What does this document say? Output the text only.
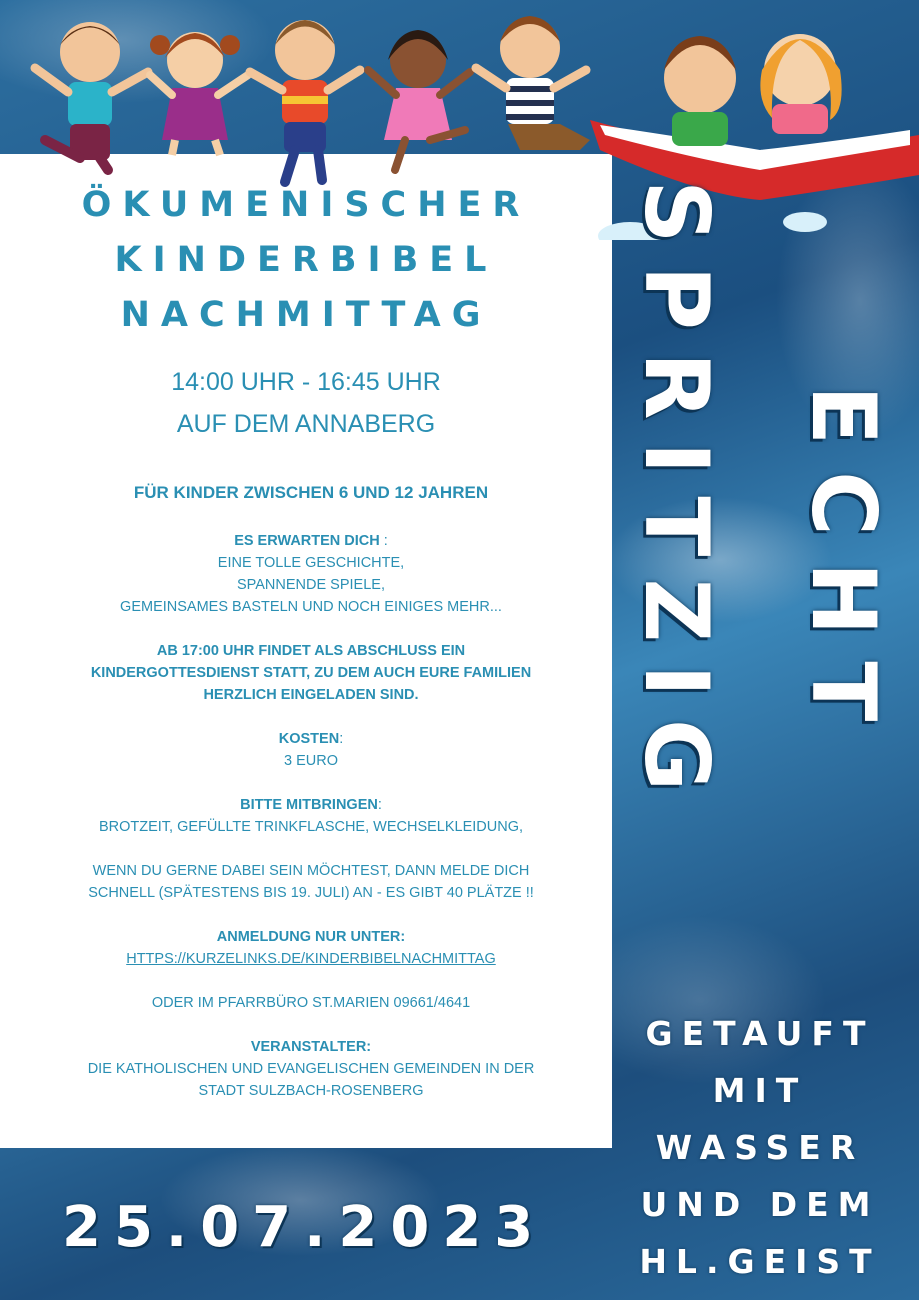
ÖKUMENISCHER
KINDERBIBEL
NACHMITTAG
14:00 UHR - 16:45 UHR
AUF DEM ANNABERG

FÜR KINDER ZWISCHEN 6 UND 12 JAHREN

ES ERWARTEN DICH :
EINE TOLLE GESCHICHTE,
SPANNENDE SPIELE,
GEMEINSAMES BASTELN UND NOCH EINIGES MEHR...

AB 17:00 UHR FINDET ALS ABSCHLUSS EIN
KINDERGOTTESDIENST STATT, ZU DEM AUCH EURE FAMILIEN
HERZLICH EINGELADEN SIND.

KOSTEN:
3 EURO

BITTE MITBRINGEN:
BROTZEIT, GEFÜLLTE TRINKFLASCHE, WECHSELKLEIDUNG,

WENN DU GERNE DABEI SEIN MÖCHTEST, DANN MELDE DICH
SCHNELL (SPÄTESTENS BIS 19. JULI) AN - ES GIBT 40 PLÄTZE !!

ANMELDUNG NUR UNTER:
HTTPS://KURZELINKS.DE/KINDERBIBELNACHMITTAG

ODER IM PFARRBÜRO ST.MARIEN 09661/4641

VERANSTALTER:
DIE KATHOLISCHEN UND EVANGELISCHEN GEMEINDEN IN DER
STADT SULZBACH-ROSENBERG

SPRITZIG ECHT
GETAUFT
MIT
WASSER
UND DEM
HL.GEIST
25.07.2023
